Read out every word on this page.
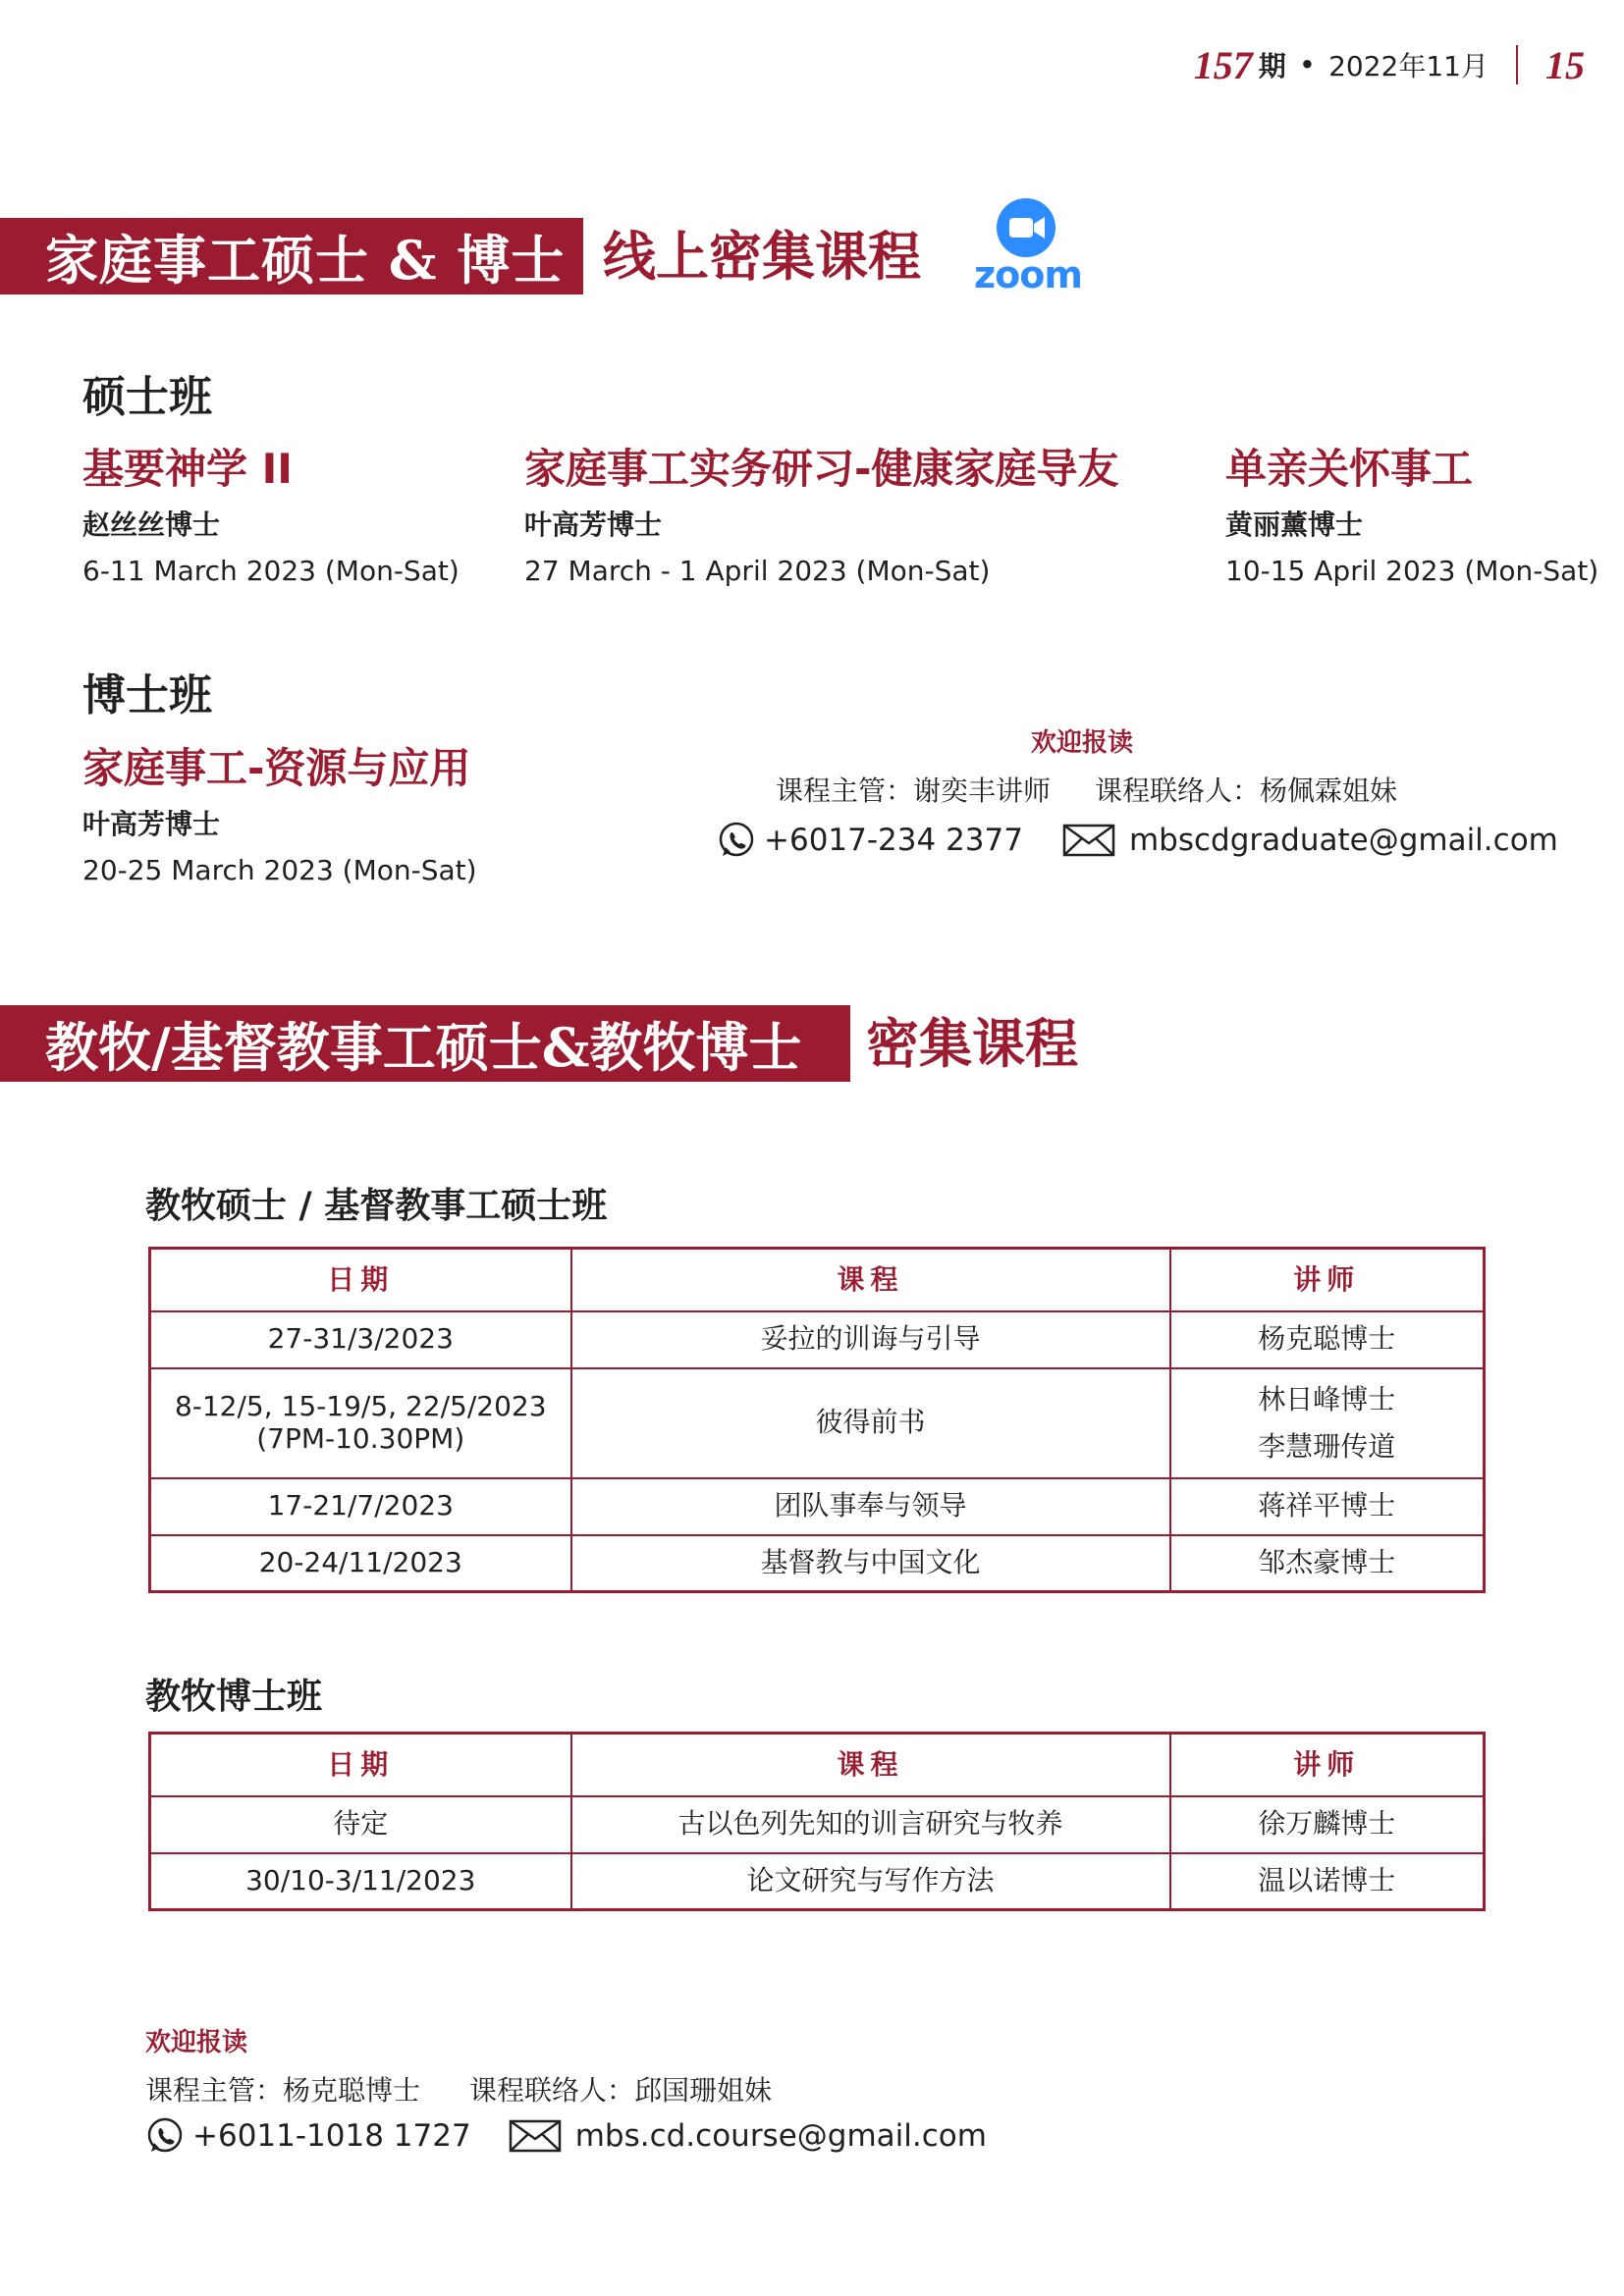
157 期 • 2022年11月 15
家庭事工硕士 & 博士 线上密集课程 zoom
硕士班
基要神学 II
赵丝丝博士
6-11 March 2023 (Mon-Sat)
家庭事工实务研习-健康家庭导友
叶高芳博士
27 March - 1 April 2023 (Mon-Sat)
单亲关怀事工
黄丽薰博士
10-15 April 2023 (Mon-Sat)
博士班
家庭事工-资源与应用
叶高芳博士
20-25 March 2023 (Mon-Sat)
欢迎报读
课程主管：谢奕丰讲师 课程联络人：杨佩霖姐妹
+6017-234 2377	mbscdgraduate@gmail.com
教牧/基督教事工硕士&教牧博士 密集课程
教牧硕士 / 基督教事工硕士班
日期	课程	讲师
27-31/3/2023	妥拉的训诲与引导	杨克聪博士

8-12/5, 15-19/5, 22/5/2023
(7PM-10.30PM)	彼得前书	林日峰博士
李慧珊传道

17-21/7/2023	团队事奉与领导	蒋祥平博士
20-24/11/2023	基督教与中国文化	邹杰豪博士
教牧博士班
日期	课程	讲师
待定	古以色列先知的训言研究与牧养	徐万麟博士
30/10-3/11/2023	论文研究与写作方法	温以诺博士
欢迎报读
课程主管：杨克聪博士 课程联络人：邱国珊姐妹
+6011-1018 1727	mbs.cd.course@gmail.com
